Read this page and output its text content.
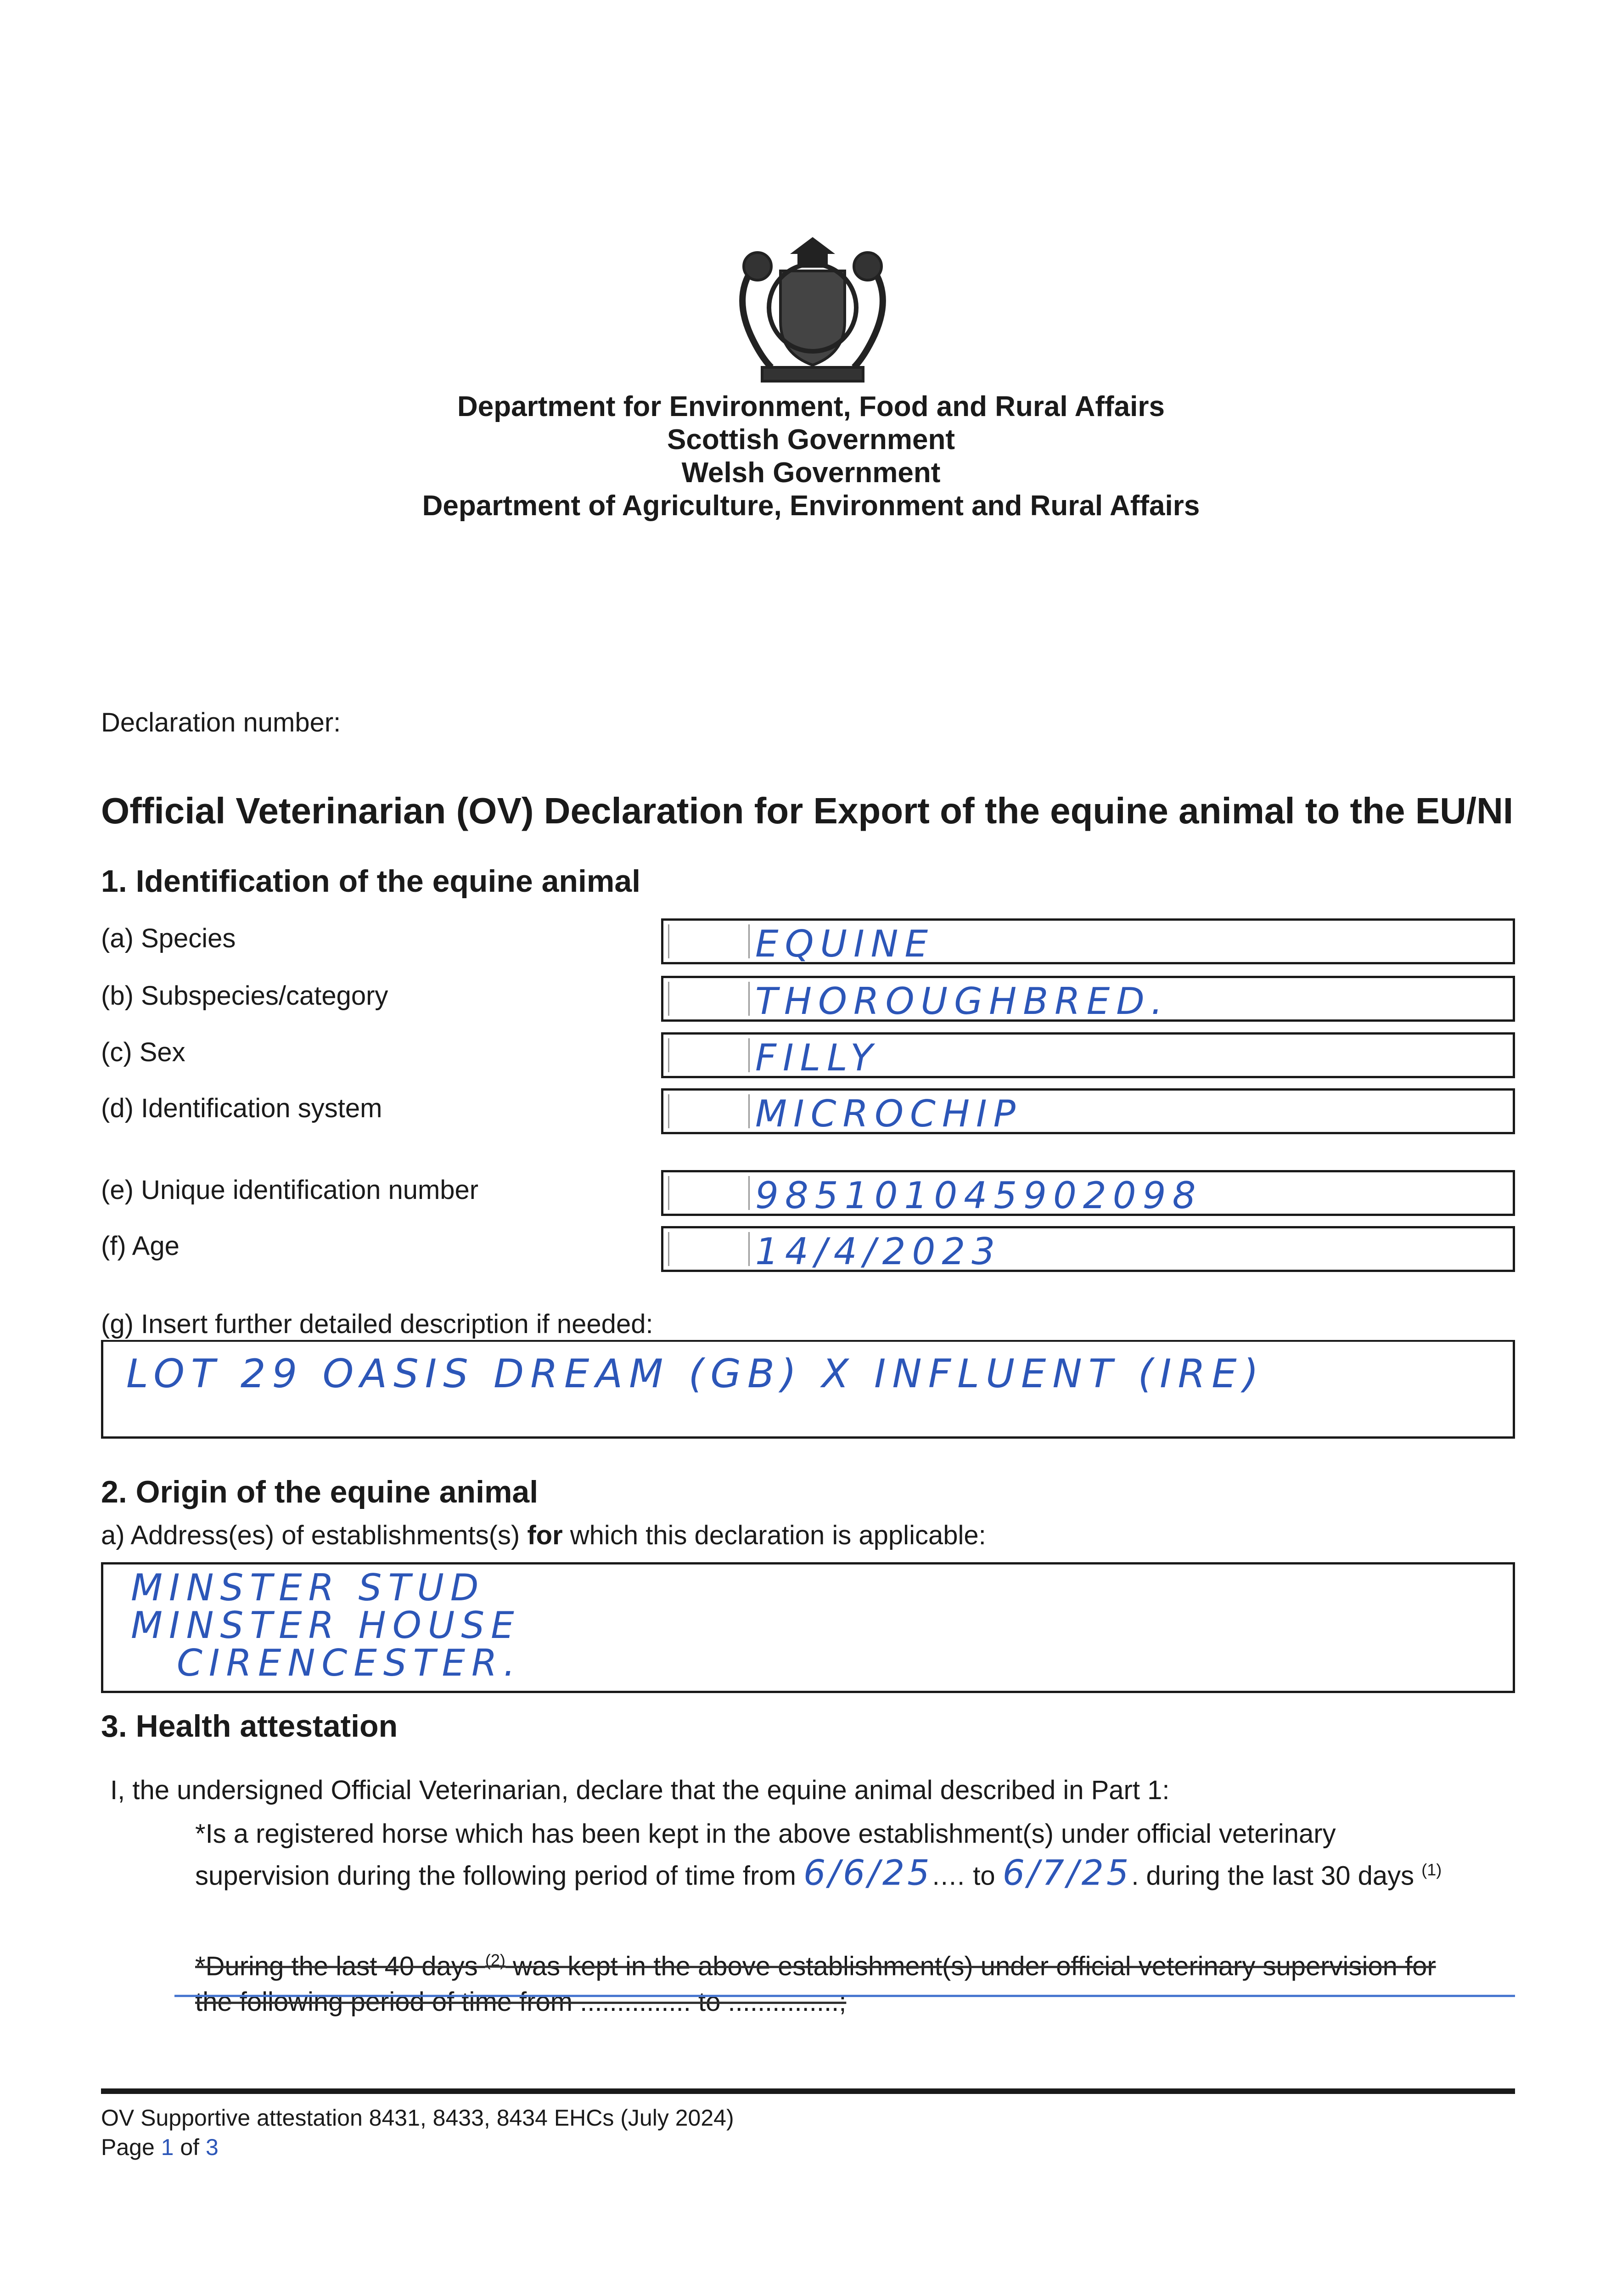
Department for Environment, Food and Rural Affairs
Scottish Government
Welsh Government
Department of Agriculture, Environment and Rural Affairs
Declaration number:
Official Veterinarian (OV) Declaration for Export of the equine animal to the EU/NI
1. Identification of the equine animal
(a) Species	EQUINE
(b) Subspecies/category	THOROUGHBRED.
(c) Sex	FILLY
(d) Identification system	MICROCHIP
(e) Unique identification number	985101045902098
(f) Age	14/4/2023
(g) Insert further detailed description if needed:
LOT 29 OASIS DREAM (GB) X INFLUENT (IRE)
2. Origin of the equine animal
a) Address(es) of establishments(s) for which this declaration is applicable:
MINSTER STUD
MINSTER HOUSE
CIRENCESTER.
3. Health attestation
I, the undersigned Official Veterinarian, declare that the equine animal described in Part 1:
*Is a registered horse which has been kept in the above establishment(s) under official veterinary
supervision during the following period of time from 6/6/25.... to 6/7/25. during the last 30 days $^{(1)}$
*During the last 40 days $^{(2)}$ was kept in the above establishment(s) under official veterinary supervision for
the following period of time from ............... to ...............;
OV Supportive attestation 8431, 8433, 8434 EHCs (July 2024)
Page 1 of 3
